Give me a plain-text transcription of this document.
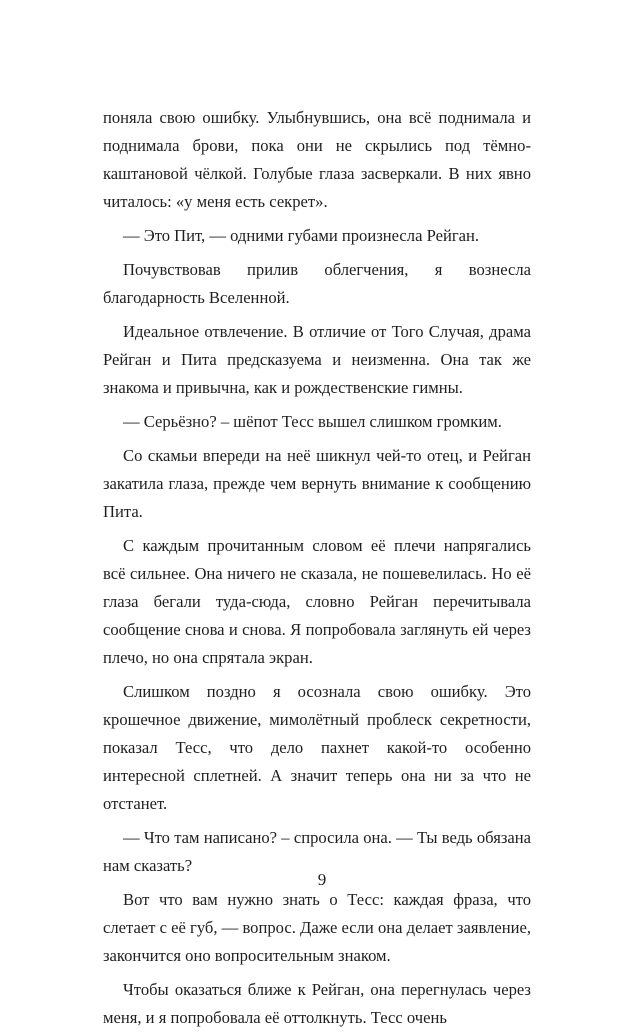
поняла свою ошибку. Улыбнувшись, она всё поднимала и поднимала брови, пока они не скрылись под тёмно-каштановой чёлкой. Голубые глаза засверкали. В них явно читалось: «у меня есть секрет».

— Это Пит, — одними губами произнесла Рейган.

Почувствовав прилив облегчения, я вознесла благодарность Вселенной.

Идеальное отвлечение. В отличие от Того Случая, драма Рейган и Пита предсказуема и неизменна. Она так же знакома и привычна, как и рождественские гимны.

— Серьёзно? – шёпот Тесс вышел слишком громким.

Со скамьи впереди на неё шикнул чей-то отец, и Рейган закатила глаза, прежде чем вернуть внимание к сообщению Пита.

С каждым прочитанным словом её плечи напрягались всё сильнее. Она ничего не сказала, не пошевелилась. Но её глаза бегали туда-сюда, словно Рейган перечитывала сообщение снова и снова. Я попробовала заглянуть ей через плечо, но она спрятала экран.

Слишком поздно я осознала свою ошибку. Это крошечное движение, мимолётный проблеск секретности, показал Тесс, что дело пахнет какой-то особенно интересной сплетней. А значит теперь она ни за что не отстанет.

— Что там написано? – спросила она. — Ты ведь обязана нам сказать?

Вот что вам нужно знать о Тесс: каждая фраза, что слетает с её губ, — вопрос. Даже если она делает заявление, закончится оно вопросительным знаком.

Чтобы оказаться ближе к Рейган, она перегнулась через меня, и я попробовала её оттолкнуть. Тесс очень

9
